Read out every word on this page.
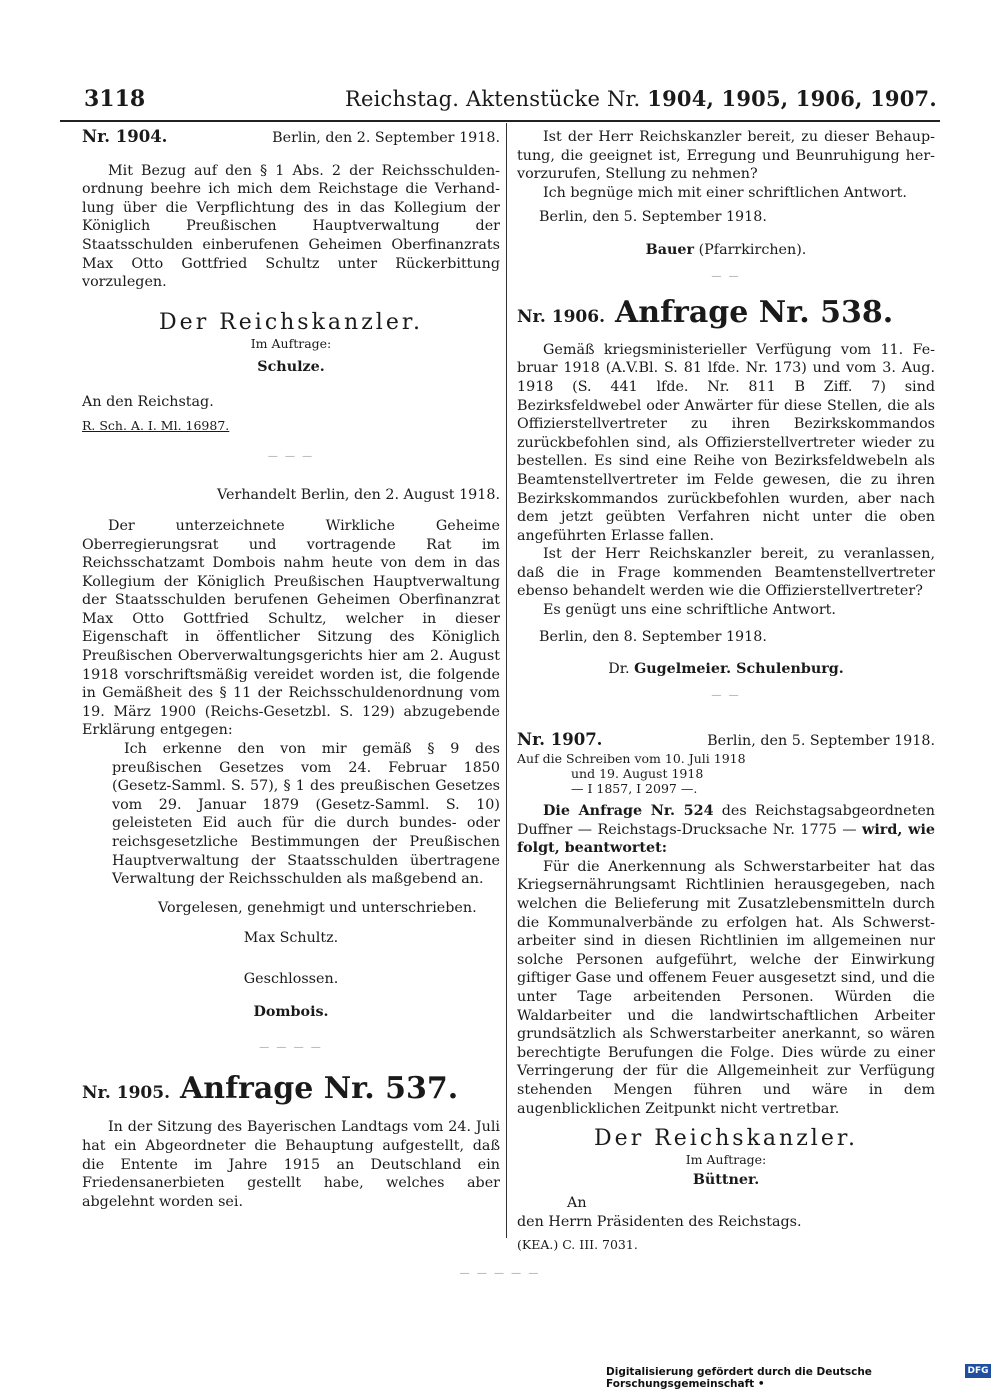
3118	Reichstag. Aktenstücke Nr. 1904, 1905, 1906, 1907.
Nr. 1904.	Berlin, den 2. September 1918.

Mit Bezug auf den § 1 Abs. 2 der Reichsschuldenordnung beehre ich mich dem Reichstage die Verhandlung über die Verpflichtung des in das Kollegium der Königlich Preußischen Hauptverwaltung der Staatsschulden einberufenen Geheimen Oberfinanzrats Max Otto Gottfried Schultz unter Rückerbittung vorzulegen.

Der Reichskanzler.
Im Auftrage:
Schulze.
An den Reichstag.
R. Sch. A. I. Ml. 16987.
— — —
Verhandelt Berlin, den 2. August 1918.

Der unterzeichnete Wirkliche Geheime Oberregierungsrat und vortragende Rat im Reichsschatzamt Dombois nahm heute von dem in das Kollegium der Königlich Preußischen Hauptverwaltung der Staatsschulden berufenen Geheimen Oberfinanzrat Max Otto Gottfried Schultz, welcher in dieser Eigenschaft in öffentlicher Sitzung des Königlich Preußischen Oberverwaltungsgerichts hier am 2. August 1918 vorschriftsmäßig vereidet worden ist, die folgende in Gemäßheit des § 11 der Reichsschuldenordnung vom 19. März 1900 (Reichs-Gesetzbl. S. 129) abzugebende Erklärung entgegen:

Ich erkenne den von mir gemäß § 9 des preußischen Gesetzes vom 24. Februar 1850 (Gesetz-Samml. S. 57), § 1 des preußischen Gesetzes vom 29. Januar 1879 (Gesetz-Samml. S. 10) geleisteten Eid auch für die durch bundes- oder reichsgesetzliche Bestimmungen der Preußischen Hauptverwaltung der Staatsschulden übertragene Verwaltung der Reichsschulden als maßgebend an.

Vorgelesen, genehmigt und unterschrieben.
Max Schultz.
Geschlossen.
Dombois.
— — — —
Nr. 1905. Anfrage Nr. 537.

In der Sitzung des Bayerischen Landtags vom 24. Juli hat ein Abgeordneter die Behauptung aufgestellt, daß die Entente im Jahre 1915 an Deutschland ein Friedensanerbieten gestellt habe, welches aber abgelehnt worden sei.

Ist der Herr Reichskanzler bereit, zu dieser Behauptung, die geeignet ist, Erregung und Beunruhigung hervorzurufen, Stellung zu nehmen?

Ich begnüge mich mit einer schriftlichen Antwort.

Berlin, den 5. September 1918.
Bauer (Pfarrkirchen).
— —
Nr. 1906. Anfrage Nr. 538.

Gemäß kriegsministerieller Verfügung vom 11. Februar 1918 (A.V.Bl. S. 81 lfde. Nr. 173) und vom 3. Aug. 1918 (S. 441 lfde. Nr. 811 B Ziff. 7) sind Bezirksfeldwebel oder Anwärter für diese Stellen, die als Offizierstellvertreter zu ihren Bezirkskommandos zurückbefohlen sind, als Offizierstellvertreter wieder zu bestellen. Es sind eine Reihe von Bezirksfeldwebeln als Beamtenstellvertreter im Felde gewesen, die zu ihren Bezirkskommandos zurückbefohlen wurden, aber nach dem jetzt geübten Verfahren nicht unter die oben angeführten Erlasse fallen.

Ist der Herr Reichskanzler bereit, zu veranlassen, daß die in Frage kommenden Beamtenstellvertreter ebenso behandelt werden wie die Offizierstellvertreter?

Es genügt uns eine schriftliche Antwort.

Berlin, den 8. September 1918.
Dr. Gugelmeier. Schulenburg.
— —
Nr. 1907.	Berlin, den 5. September 1918.
Auf die Schreiben vom 10. Juli 1918
und 19. August 1918
— I 1857, I 2097 —.

Die Anfrage Nr. 524 des Reichstagsabgeordneten Duffner — Reichstags-Drucksache Nr. 1775 — wird, wie folgt, beantwortet:

Für die Anerkennung als Schwerstarbeiter hat das Kriegsernährungsamt Richtlinien herausgegeben, nach welchen die Belieferung mit Zusatzlebensmitteln durch die Kommunalverbände zu erfolgen hat. Als Schwerstarbeiter sind in diesen Richtlinien im allgemeinen nur solche Personen aufgeführt, welche der Einwirkung giftiger Gase und offenem Feuer ausgesetzt sind, und die unter Tage arbeitenden Personen. Würden die Waldarbeiter und die landwirtschaftlichen Arbeiter grundsätzlich als Schwerstarbeiter anerkannt, so wären berechtigte Berufungen die Folge. Dies würde zu einer Verringerung der für die Allgemeinheit zur Verfügung stehenden Mengen führen und wäre in dem augenblicklichen Zeitpunkt nicht vertretbar.

Der Reichskanzler.
Im Auftrage:
Büttner.
An
den Herrn Präsidenten des Reichstags.
(KEA.) C. III. 7031.
— — — — —
Digitalisierung gefördert durch die Deutsche Forschungsgemeinschaft •
DFG
